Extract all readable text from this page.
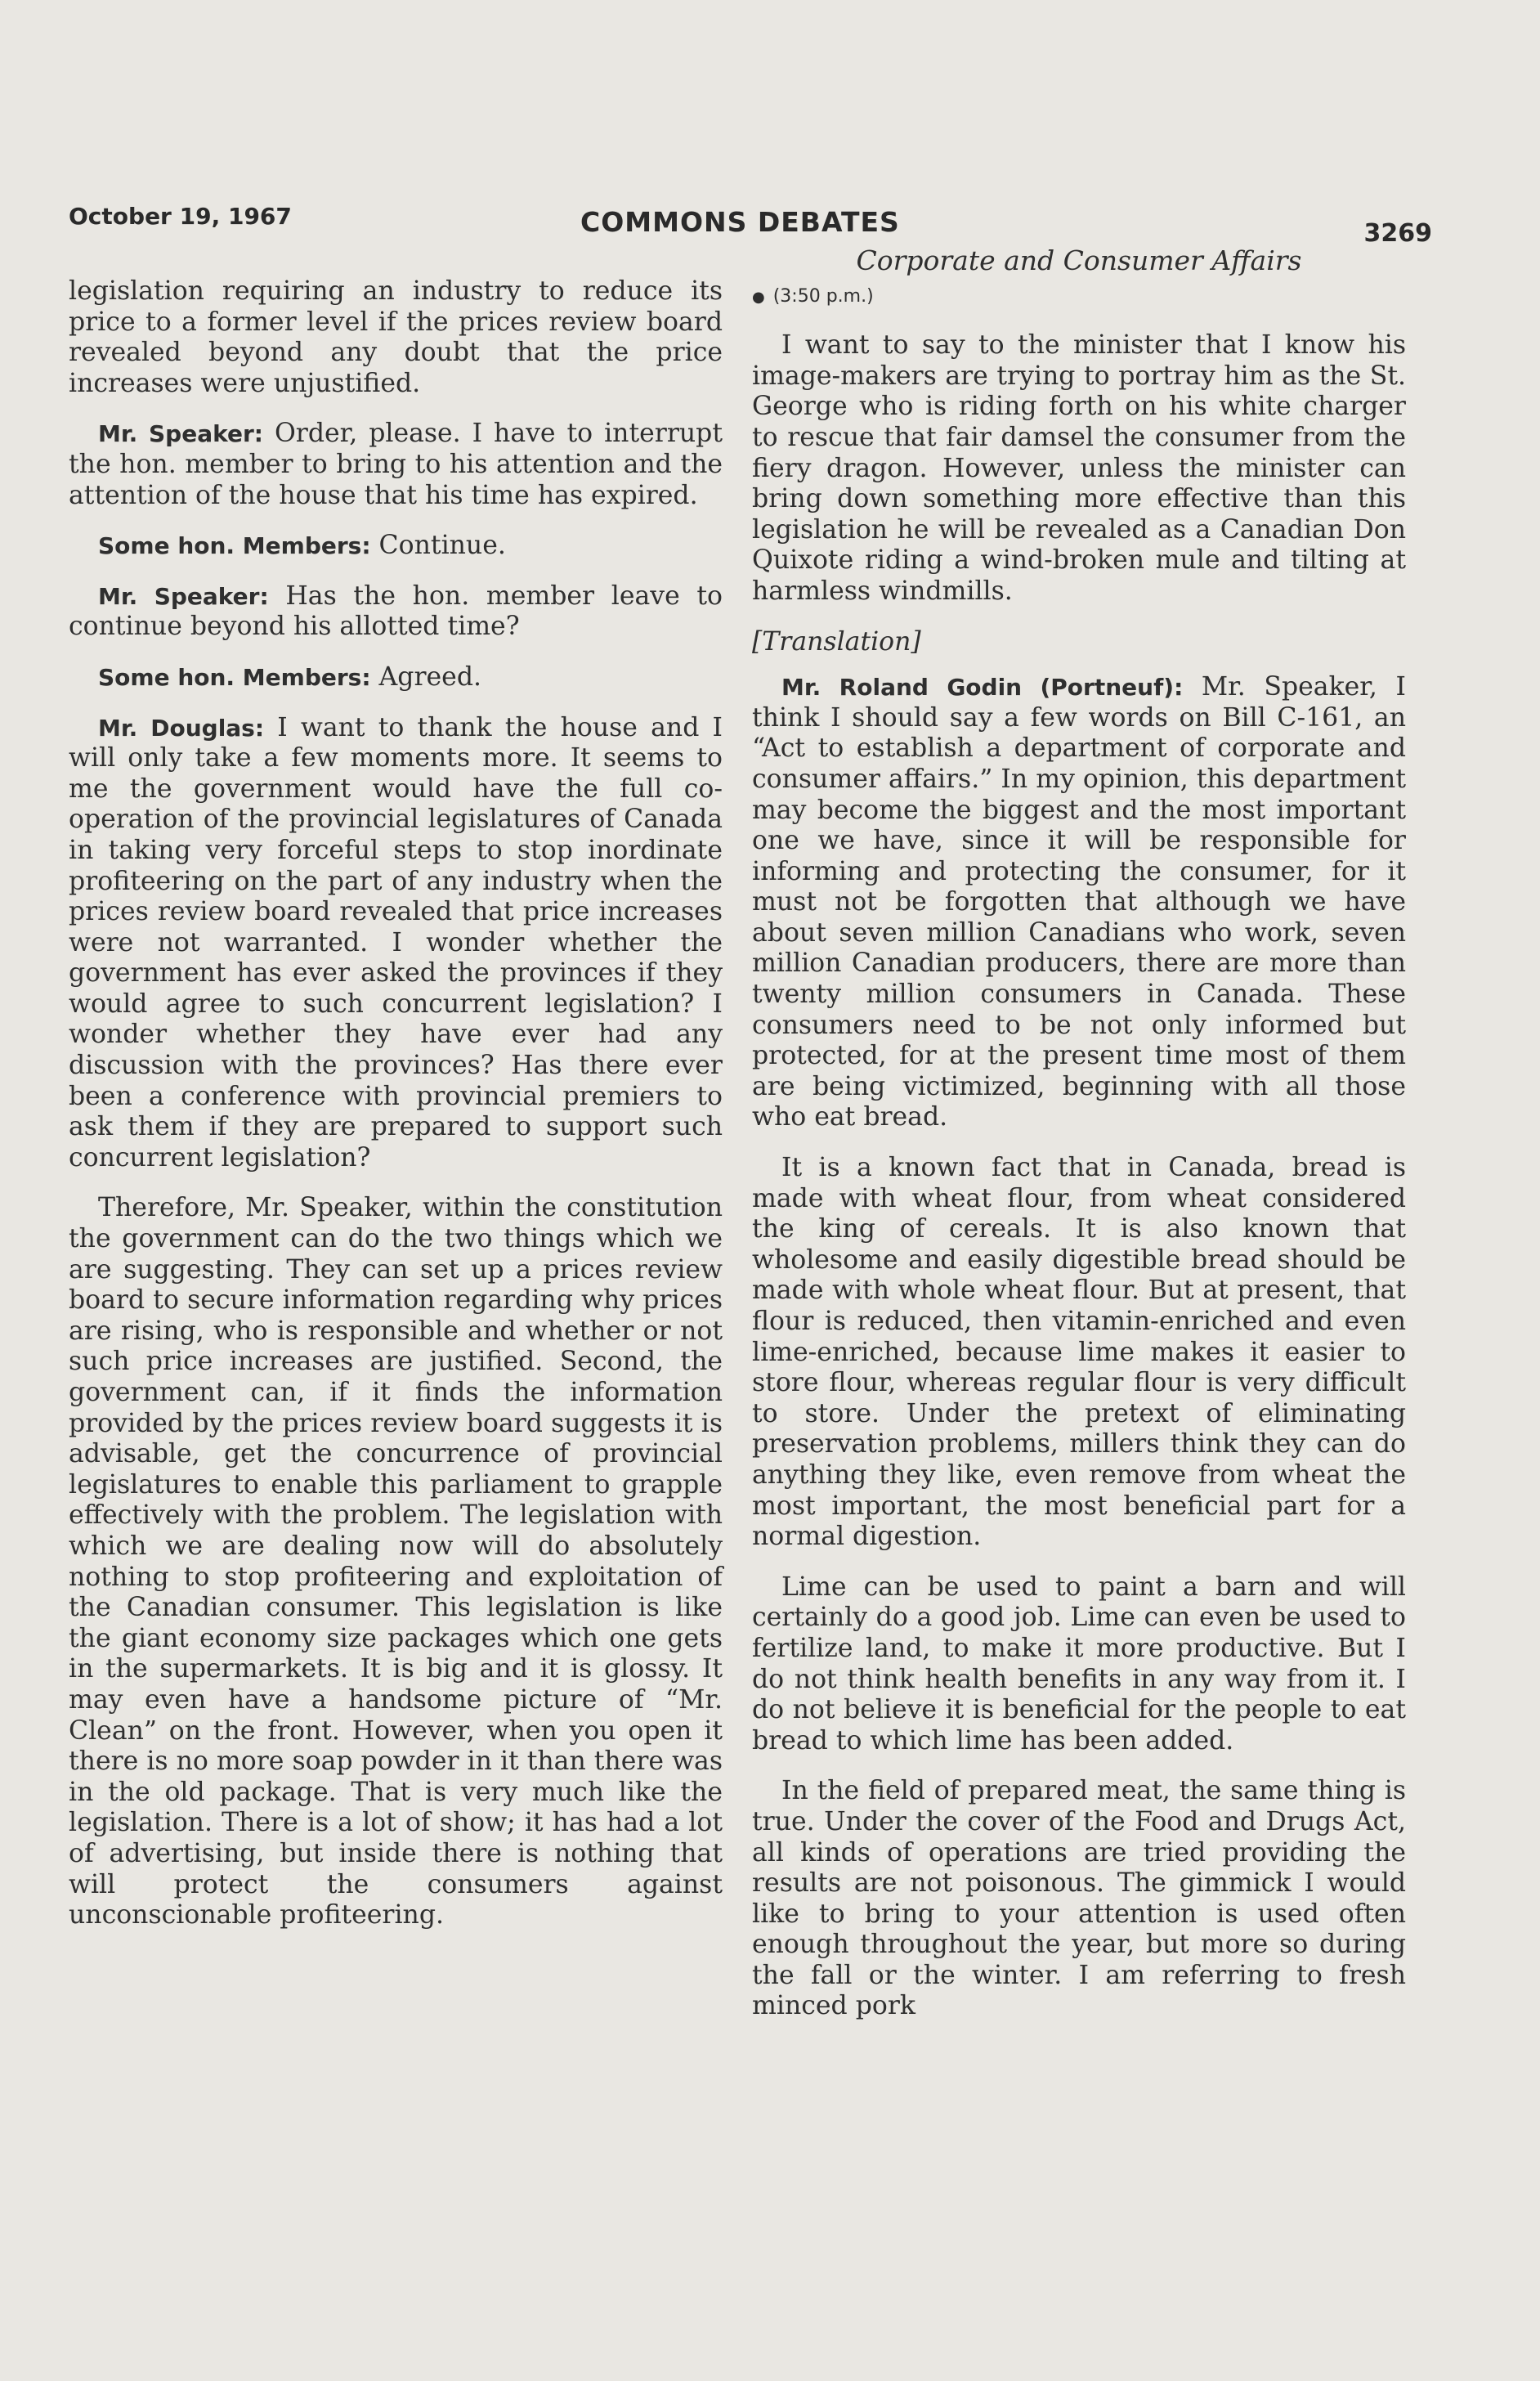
October 19, 1967	COMMONS DEBATES	3269

legislation requiring an industry to reduce its price to a former level if the prices review board revealed beyond any doubt that the price increases were unjustified.

Mr. Speaker: Order, please. I have to interrupt the hon. member to bring to his attention and the attention of the house that his time has expired.

Some hon. Members: Continue.

Mr. Speaker: Has the hon. member leave to continue beyond his allotted time?

Some hon. Members: Agreed.

Mr. Douglas: I want to thank the house and I will only take a few moments more. It seems to me the government would have the full co-operation of the provincial legislatures of Canada in taking very forceful steps to stop inordinate profiteering on the part of any industry when the prices review board revealed that price increases were not warranted. I wonder whether the government has ever asked the provinces if they would agree to such concurrent legislation? I wonder whether they have ever had any discussion with the provinces? Has there ever been a conference with provincial premiers to ask them if they are prepared to support such concurrent legislation?

Therefore, Mr. Speaker, within the constitution the government can do the two things which we are suggesting. They can set up a prices review board to secure information regarding why prices are rising, who is responsible and whether or not such price increases are justified. Second, the government can, if it finds the information provided by the prices review board suggests it is advisable, get the concurrence of provincial legislatures to enable this parliament to grapple effectively with the problem. The legislation with which we are dealing now will do absolutely nothing to stop profiteering and exploitation of the Canadian consumer. This legislation is like the giant economy size packages which one gets in the supermarkets. It is big and it is glossy. It may even have a handsome picture of “Mr. Clean” on the front. However, when you open it there is no more soap powder in it than there was in the old package. That is very much like the legislation. There is a lot of show; it has had a lot of advertising, but inside there is nothing that will protect the consumers against unconscionable profiteering.

Corporate and Consumer Affairs

● (3:50 p.m.)

I want to say to the minister that I know his image-makers are trying to portray him as the St. George who is riding forth on his white charger to rescue that fair damsel the consumer from the fiery dragon. However, unless the minister can bring down something more effective than this legislation he will be revealed as a Canadian Don Quixote riding a wind-broken mule and tilting at harmless windmills.

[Translation]

Mr. Roland Godin (Portneuf): Mr. Speaker, I think I should say a few words on Bill C-161, an “Act to establish a department of corporate and consumer affairs.” In my opinion, this department may become the biggest and the most important one we have, since it will be responsible for informing and protecting the consumer, for it must not be forgotten that although we have about seven million Canadians who work, seven million Canadian producers, there are more than twenty million consumers in Canada. These consumers need to be not only informed but protected, for at the present time most of them are being victimized, beginning with all those who eat bread.

It is a known fact that in Canada, bread is made with wheat flour, from wheat considered the king of cereals. It is also known that wholesome and easily digestible bread should be made with whole wheat flour. But at present, that flour is reduced, then vitamin-enriched and even lime-enriched, because lime makes it easier to store flour, whereas regular flour is very difficult to store. Under the pretext of eliminating preservation problems, millers think they can do anything they like, even remove from wheat the most important, the most beneficial part for a normal digestion.

Lime can be used to paint a barn and will certainly do a good job. Lime can even be used to fertilize land, to make it more productive. But I do not think health benefits in any way from it. I do not believe it is beneficial for the people to eat bread to which lime has been added.

In the field of prepared meat, the same thing is true. Under the cover of the Food and Drugs Act, all kinds of operations are tried providing the results are not poisonous. The gimmick I would like to bring to your attention is used often enough throughout the year, but more so during the fall or the winter. I am referring to fresh minced pork
